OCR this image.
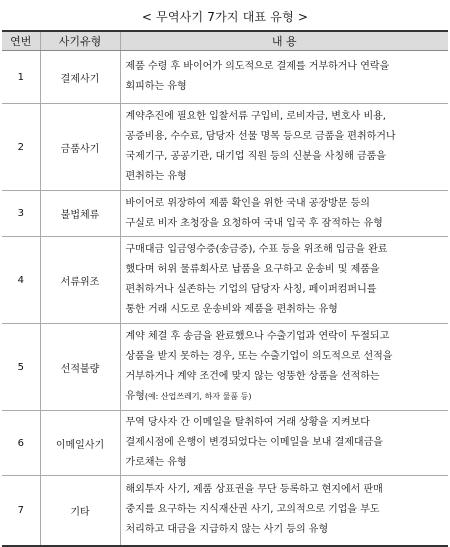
< 무역사기 7가지 대표 유형 >
연번	사기유형	내 용
1	결제사기	제품 수령 후 바이어가 의도적으로 결제를 거부하거나 연락을
회피하는 유형

2	금품사기	계약추진에 필요한 입찰서류 구입비, 로비자금, 변호사 비용,
공증비용, 수수료, 담당자 선물 명목 등으로 금품을 편취하거나
국제기구, 공공기관, 대기업 직원 등의 신분을 사칭해 금품을
편취하는 유형

3	불법체류	바이어로 위장하여 제품 확인을 위한 국내 공장방문 등의
구실로 비자 초청장을 요청하여 국내 입국 후 잠적하는 유형

4	서류위조	구매대금 입금영수증(송금증), 수표 등을 위조해 입금을 완료
했다며 허위 물류회사로 납품을 요구하고 운송비 및 제품을
편취하거나 실존하는 기업의 담당자 사칭, 페이퍼컴퍼니를
통한 거래 시도로 운송비와 제품을 편취하는 유형

5	선적불량	계약 체결 후 송금을 완료했으나 수출기업과 연락이 두절되고
상품을 받지 못하는 경우, 또는 수출기업이 의도적으로 선적을
거부하거나 계약 조건에 맞지 않는 엉뚱한 상품을 선적하는
유형(예: 산업쓰레기, 하자 물품 등)

6	이메일사기	무역 당사자 간 이메일을 탈취하여 거래 상황을 지켜보다
결제시점에 은행이 변경되었다는 이메일을 보내 결제대금을
가로채는 유형

7	기타	해외투자 사기, 제품 상표권을 무단 등록하고 현지에서 판매
중지를 요구하는 지식재산권 사기, 고의적으로 기업을 부도
처리하고 대금을 지급하지 않는 사기 등의 유형
